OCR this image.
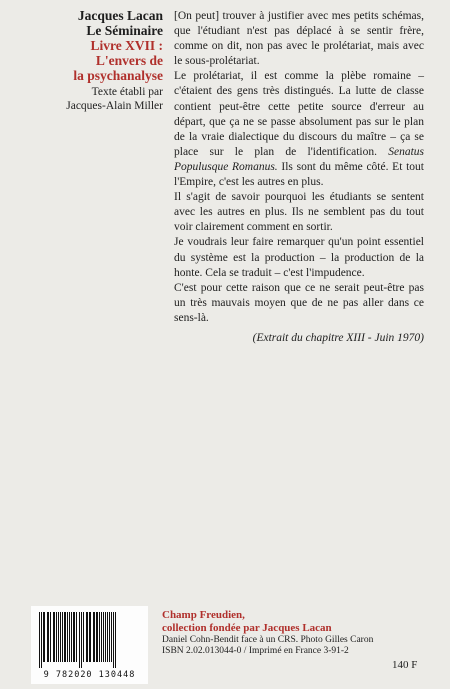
Jacques Lacan
Le Séminaire
Livre XVII :
L'envers de
la psychanalyse
Texte établi par
Jacques-Alain Miller

[On peut] trouver à justifier avec mes petits schémas, que l'étudiant n'est pas déplacé à se sentir frère, comme on dit, non pas avec le prolétariat, mais avec le sous-prolétariat.

Le prolétariat, il est comme la plèbe romaine – c'étaient des gens très distingués. La lutte de classe contient peut-être cette petite source d'erreur au départ, que ça ne se passe absolument pas sur le plan de la vraie dialectique du discours du maître – ça se place sur le plan de l'identification. Senatus Populusque Romanus. Ils sont du même côté. Et tout l'Empire, c'est les autres en plus.

Il s'agit de savoir pourquoi les étudiants se sentent avec les autres en plus. Ils ne semblent pas du tout voir clairement comment en sortir.

Je voudrais leur faire remarquer qu'un point essentiel du système est la production – la production de la honte. Cela se traduit – c'est l'impudence.

C'est pour cette raison que ce ne serait peut-être pas un très mauvais moyen que de ne pas aller dans ce sens-là.

(Extrait du chapitre XIII - Juin 1970)

9 782020 130448
Champ Freudien,
collection fondée par Jacques Lacan
Daniel Cohn-Bendit face à un CRS. Photo Gilles Caron
ISBN 2.02.013044-0 / Imprimé en France 3-91-2
140 F
